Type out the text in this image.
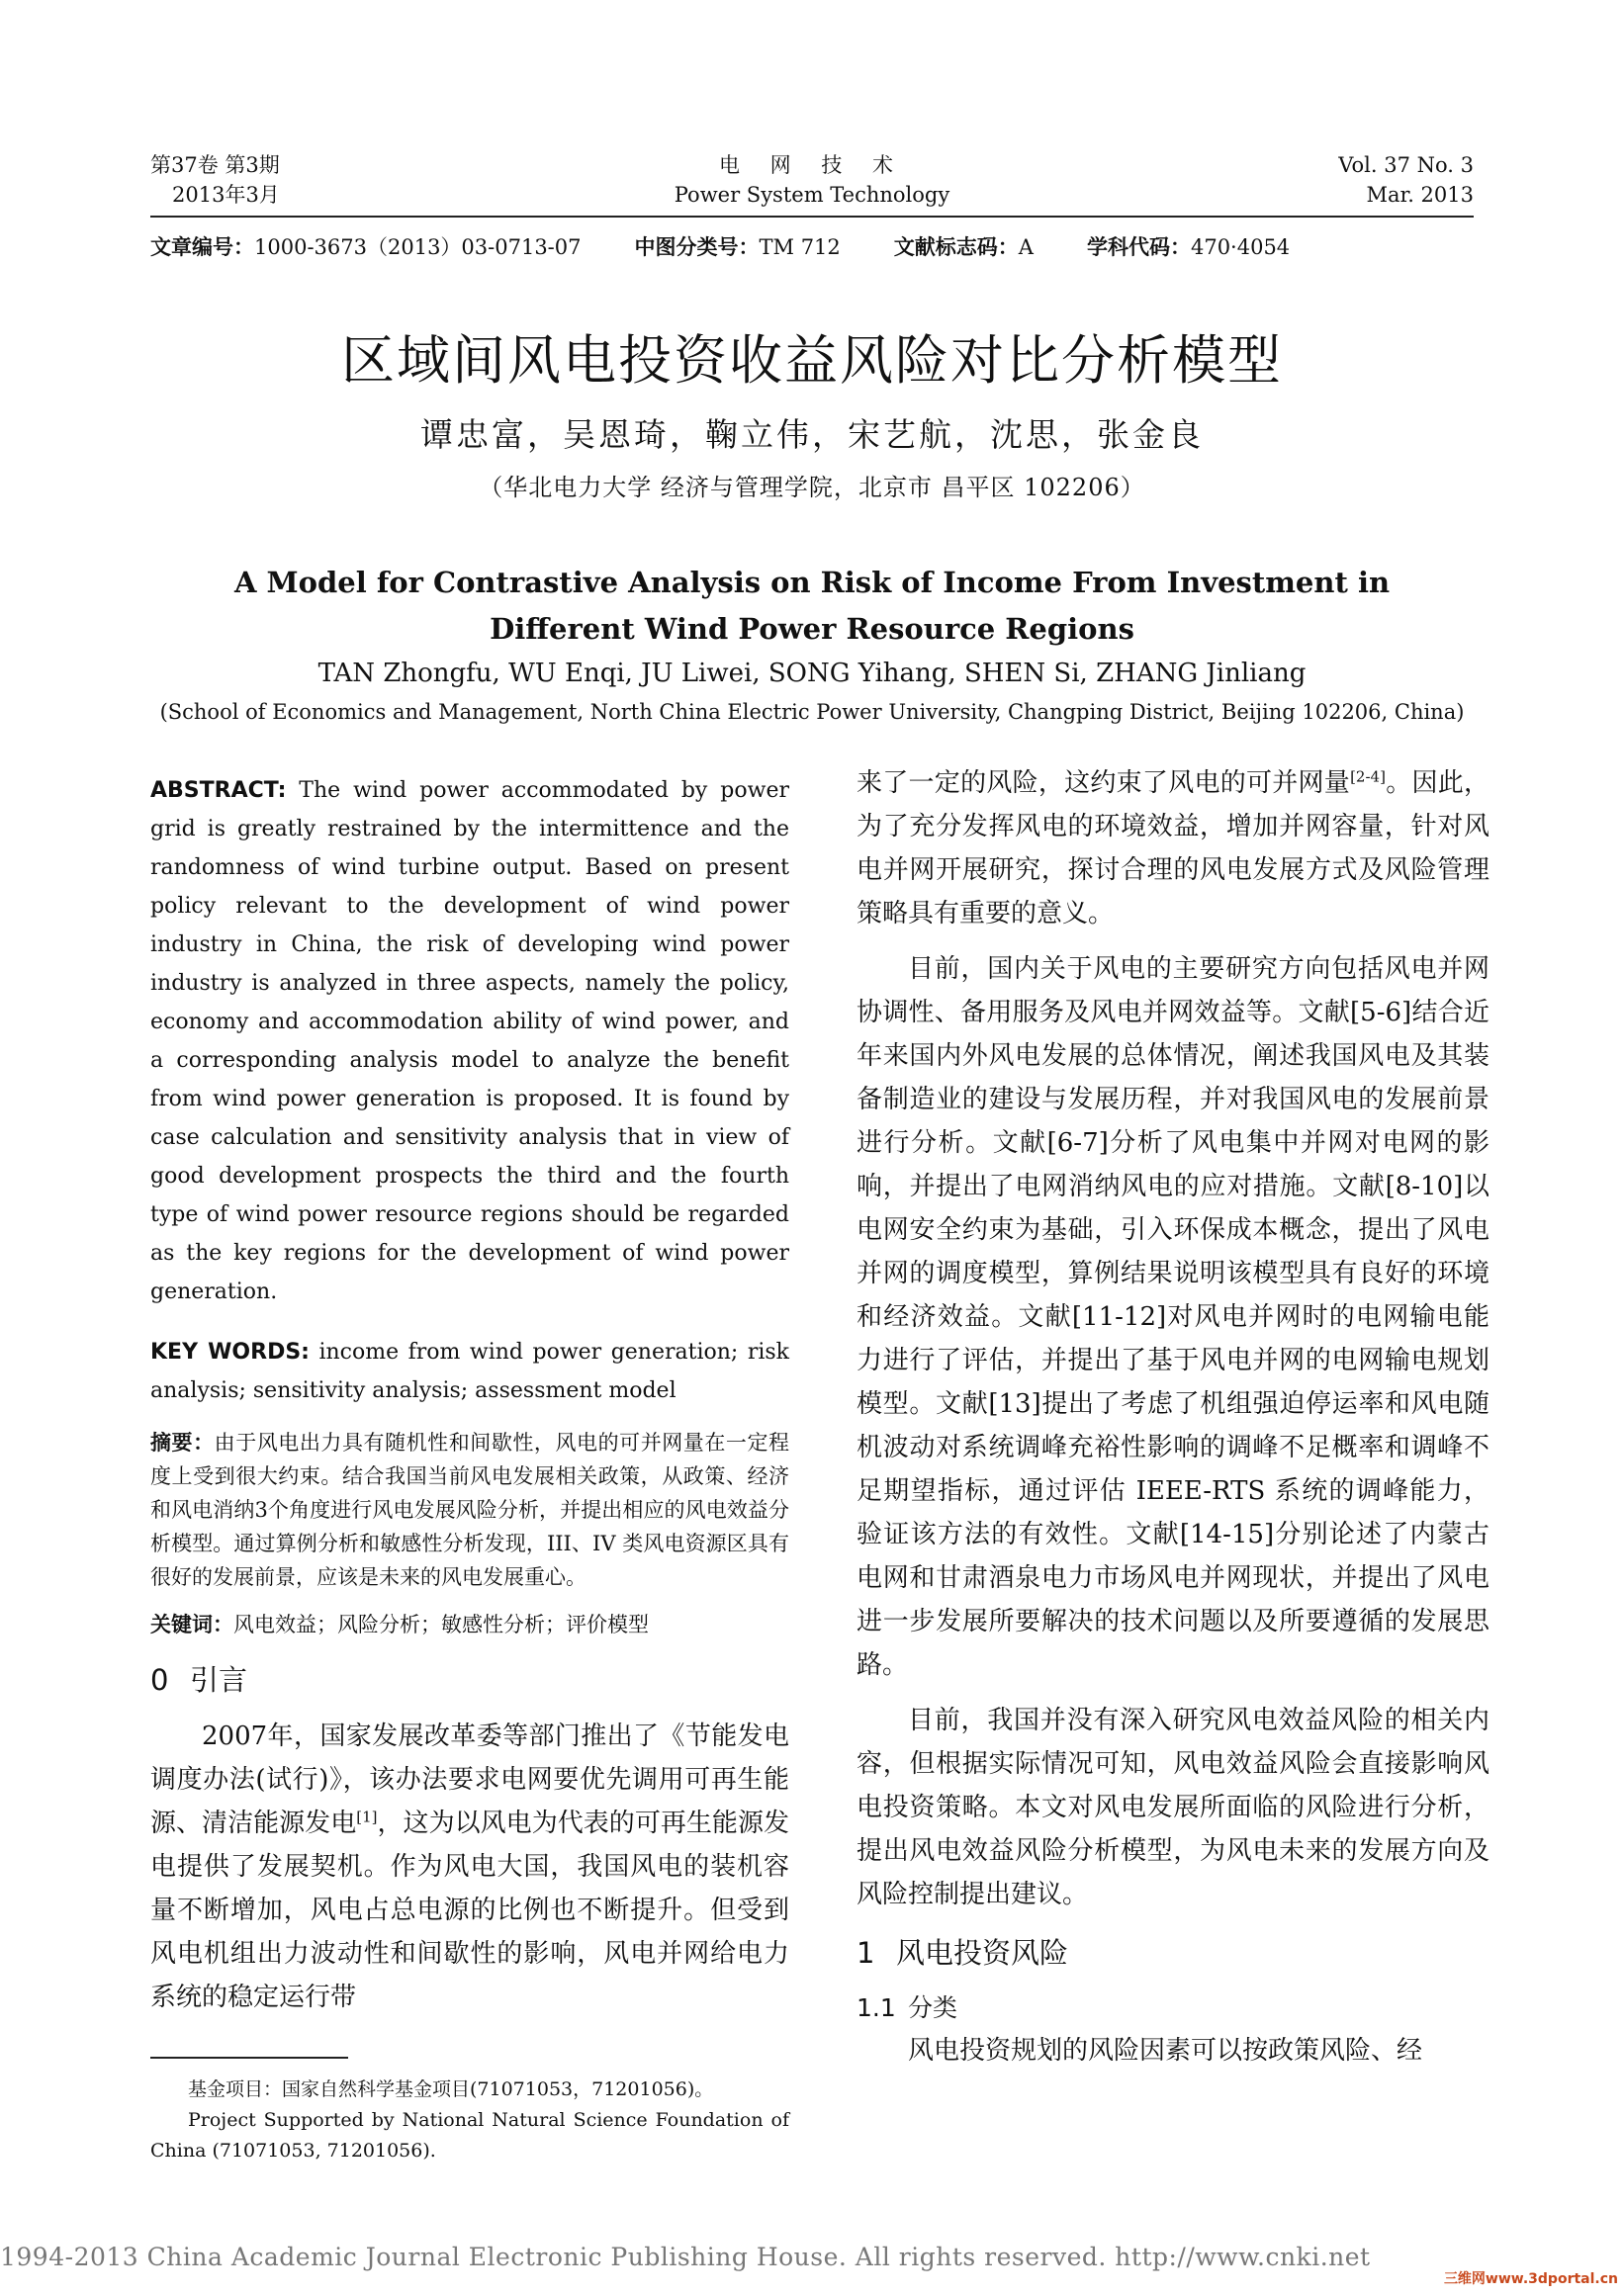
第37卷 第3期
2013年3月
电 网 技 术
Power System Technology
Vol. 37 No. 3
Mar. 2013
文章编号：1000-3673（2013）03-0713-07	中图分类号：TM 712	文献标志码：A	学科代码：470·4054
区域间风电投资收益风险对比分析模型
谭忠富，吴恩琦，鞠立伟，宋艺航，沈思，张金良
（华北电力大学 经济与管理学院，北京市 昌平区 102206）
A Model for Contrastive Analysis on Risk of Income From Investment in
Different Wind Power Resource Regions
TAN Zhongfu, WU Enqi, JU Liwei, SONG Yihang, SHEN Si, ZHANG Jinliang
(School of Economics and Management, North China Electric Power University, Changping District, Beijing 102206, China)

ABSTRACT: The wind power accommodated by power grid is greatly restrained by the intermittence and the randomness of wind turbine output. Based on present policy relevant to the development of wind power industry in China, the risk of developing wind power industry is analyzed in three aspects, namely the policy, economy and accommodation ability of wind power, and a corresponding analysis model to analyze the benefit from wind power generation is proposed. It is found by case calculation and sensitivity analysis that in view of good development prospects the third and the fourth type of wind power resource regions should be regarded as the key regions for the development of wind power generation.

KEY WORDS: income from wind power generation; risk analysis; sensitivity analysis; assessment model

摘要：由于风电出力具有随机性和间歇性，风电的可并网量在一定程度上受到很大约束。结合我国当前风电发展相关政策，从政策、经济和风电消纳3个角度进行风电发展风险分析，并提出相应的风电效益分析模型。通过算例分析和敏感性分析发现，III、IV 类风电资源区具有很好的发展前景，应该是未来的风电发展重心。

关键词：风电效益；风险分析；敏感性分析；评价模型

0 引言

2007年，国家发展改革委等部门推出了《节能发电调度办法(试行)》，该办法要求电网要优先调用可再生能源、清洁能源发电[1]，这为以风电为代表的可再生能源发电提供了发展契机。作为风电大国，我国风电的装机容量不断增加，风电占总电源的比例也不断提升。但受到风电机组出力波动性和间歇性的影响，风电并网给电力系统的稳定运行带

来了一定的风险，这约束了风电的可并网量[2-4]。因此，为了充分发挥风电的环境效益，增加并网容量，针对风电并网开展研究，探讨合理的风电发展方式及风险管理策略具有重要的意义。

目前，国内关于风电的主要研究方向包括风电并网协调性、备用服务及风电并网效益等。文献[5-6]结合近年来国内外风电发展的总体情况，阐述我国风电及其装备制造业的建设与发展历程，并对我国风电的发展前景进行分析。文献[6-7]分析了风电集中并网对电网的影响，并提出了电网消纳风电的应对措施。文献[8-10]以电网安全约束为基础，引入环保成本概念，提出了风电并网的调度模型，算例结果说明该模型具有良好的环境和经济效益。文献[11-12]对风电并网时的电网输电能力进行了评估，并提出了基于风电并网的电网输电规划模型。文献[13]提出了考虑了机组强迫停运率和风电随机波动对系统调峰充裕性影响的调峰不足概率和调峰不足期望指标，通过评估 IEEE-RTS 系统的调峰能力，验证该方法的有效性。文献[14-15]分别论述了内蒙古电网和甘肃酒泉电力市场风电并网现状，并提出了风电进一步发展所要解决的技术问题以及所要遵循的发展思路。

目前，我国并没有深入研究风电效益风险的相关内容，但根据实际情况可知，风电效益风险会直接影响风电投资策略。本文对风电发展所面临的风险进行分析，提出风电效益风险分析模型，为风电未来的发展方向及风险控制提出建议。

1 风电投资风险
1.1 分类

风电投资规划的风险因素可以按政策风险、经

基金项目：国家自然科学基金项目(71071053，71201056)。

Project Supported by National Natural Science Foundation of China (71071053, 71201056).

1994-2013 China Academic Journal Electronic Publishing House. All rights reserved. http://www.cnki.net
三维网www.3dportal.cn
